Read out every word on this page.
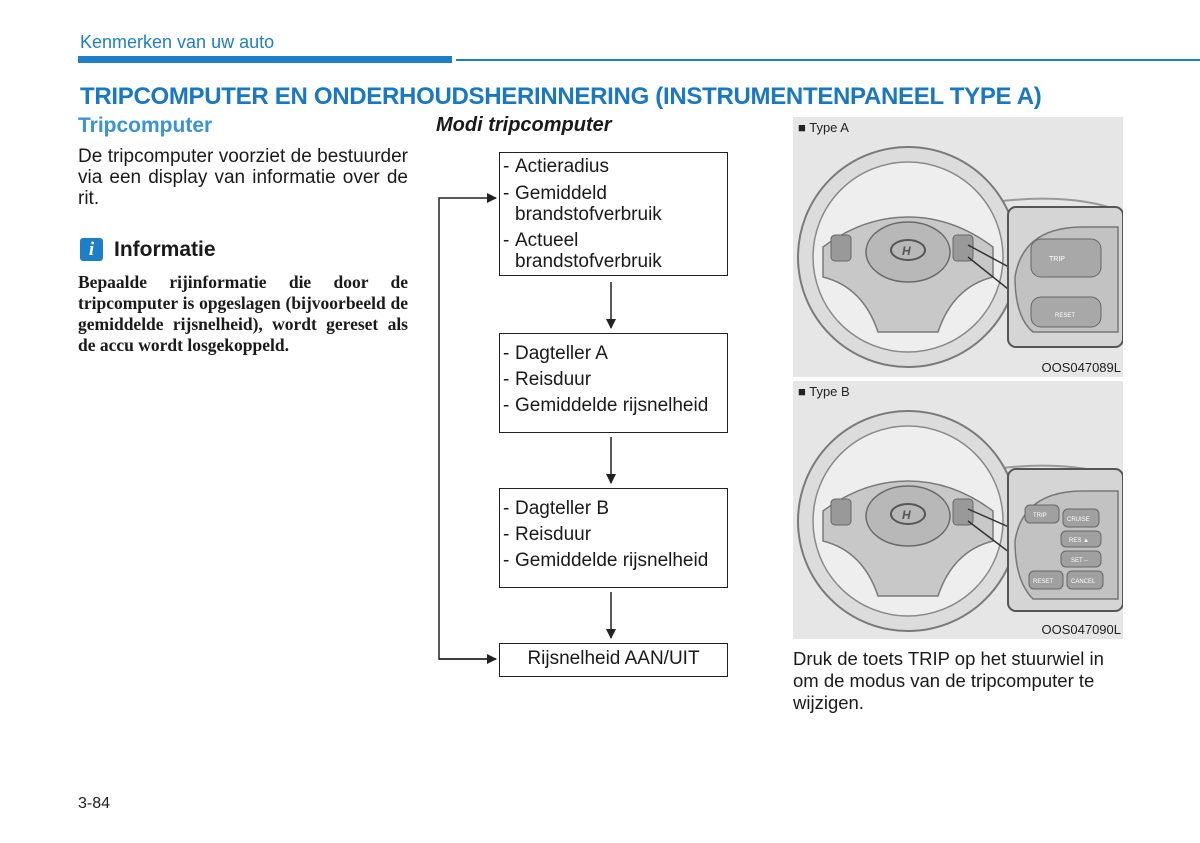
Kenmerken van uw auto
TRIPCOMPUTER EN ONDERHOUDSHERINNERING (INSTRUMENTENPANEEL TYPE A)
Tripcomputer
De tripcomputer voorziet de bestuurder via een display van informatie over de rit.
i Informatie
Bepaalde rijinformatie die door de tripcomputer is opgeslagen (bijvoorbeeld de gemiddelde rijsnelheid), wordt gereset als de accu wordt losgekoppeld.
Modi tripcomputer
- Actieradius
- Gemiddeld brandstofverbruik
- Actueel brandstofverbruik
- Dagteller A
- Reisduur
- Gemiddelde rijsnelheid
- Dagteller B
- Reisduur
- Gemiddelde rijsnelheid
Rijsnelheid AAN/UIT
■ Type A
H
TRIP
RESET
OOS047089L
■ Type B
H	TRIP
CRUISE
RES ▲
SET –
RESET	CANCEL
OOS047090L
Druk de toets TRIP op het stuurwiel in om de modus van de tripcomputer te wijzigen.
3-84
